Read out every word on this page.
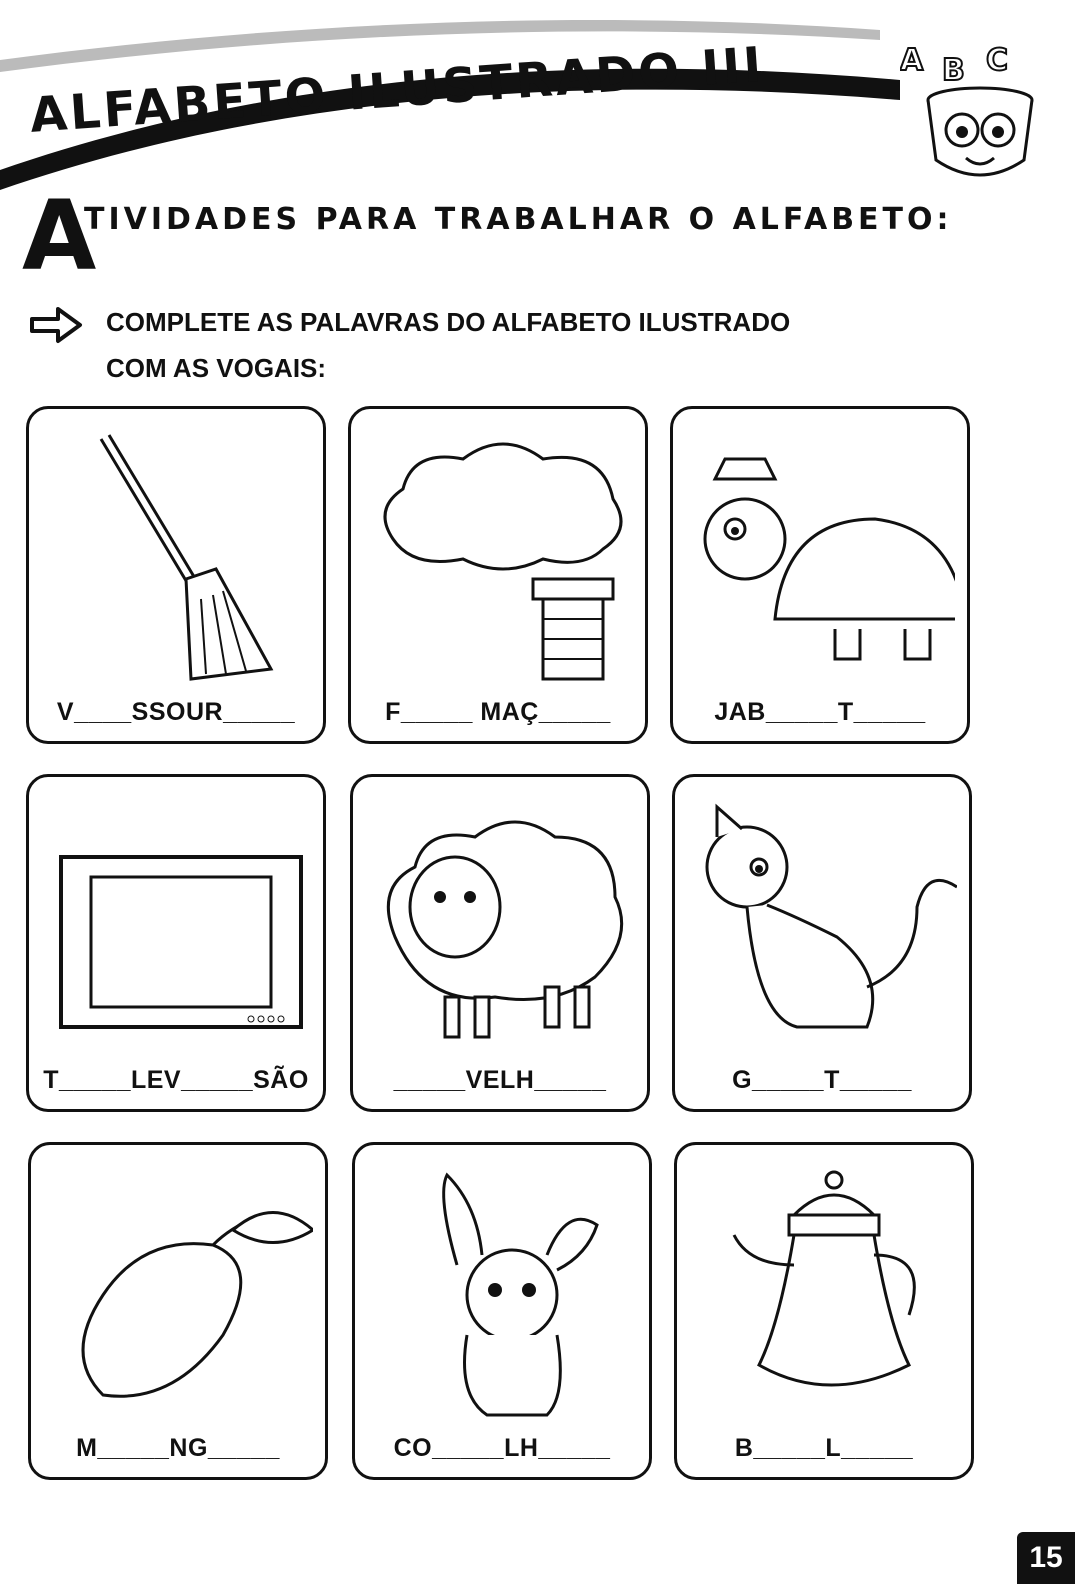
ALFABETO ILUSTRADO III	A B C
A
TIVIDADES PARA TRABALHAR O ALFABETO:
COMPLETE AS PALAVRAS DO ALFABETO ILUSTRADO
COM AS VOGAIS:
V____SSOUR_____	F_____ MAÇ_____	JAB_____T_____
T_____LEV_____SÃO	_____VELH_____	G_____T_____
M_____NG_____	CO_____LH_____	B_____L_____
15
